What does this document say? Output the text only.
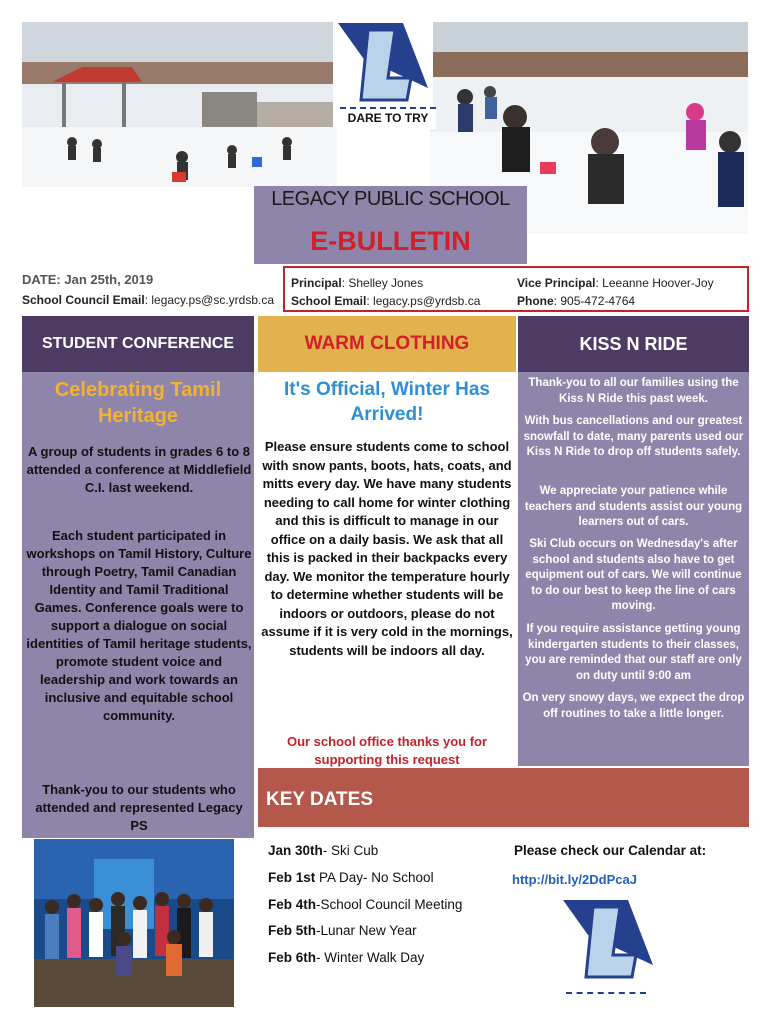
DARE TO TRY
LEGACY PUBLIC SCHOOL
E-BULLETIN
DATE: Jan 25th, 2019
School Council Email: legacy.ps@sc.yrdsb.ca
Principal: Shelley Jones
School Email: legacy.ps@yrdsb.ca
Vice Principal: Leeanne Hoover-Joy
Phone: 905-472-4764
STUDENT CONFERENCE	WARM CLOTHING	KISS N RIDE
Celebrating Tamil Heritage
A group of students in grades 6 to 8 attended a conference at Middlefield C.I. last weekend.
Each student participated in workshops on Tamil History, Culture through Poetry, Tamil Canadian Identity and Tamil Traditional Games. Conference goals were to support a dialogue on social identities of Tamil heritage students, promote student voice and leadership and work towards an inclusive and equitable school community.
Thank-you to our students who attended and represented Legacy PS
It's Official, Winter Has Arrived!
Please ensure students come to school with snow pants, boots, hats, coats, and mitts every day. We have many students needing to call home for winter clothing and this is difficult to manage in our office on a daily basis. We ask that all this is packed in their backpacks every day. We monitor the temperature hourly to determine whether students will be indoors or outdoors, please do not assume if it is very cold in the mornings, students will be indoors all day.
Our school office thanks you for supporting this request
Thank-you to all our families using the Kiss N Ride this past week.
With bus cancellations and our greatest snowfall to date, many parents used our Kiss N Ride to drop off students safely.
We appreciate your patience while teachers and students assist our young learners out of cars.
Ski Club occurs on Wednesday's after school and students also have to get equipment out of cars. We will continue to do our best to keep the line of cars moving.
If you require assistance getting young kindergarten students to their classes, you are reminded that our staff are only on duty until 9:00 am
On very snowy days, we expect the drop off routines to take a little longer.
KEY DATES
Jan 30th- Ski Cub
Feb 1st PA Day- No School
Feb 4th-School Council Meeting
Feb 5th-Lunar New Year
Feb 6th- Winter Walk Day
Please check our Calendar at:
http://bit.ly/2DdPcaJ
